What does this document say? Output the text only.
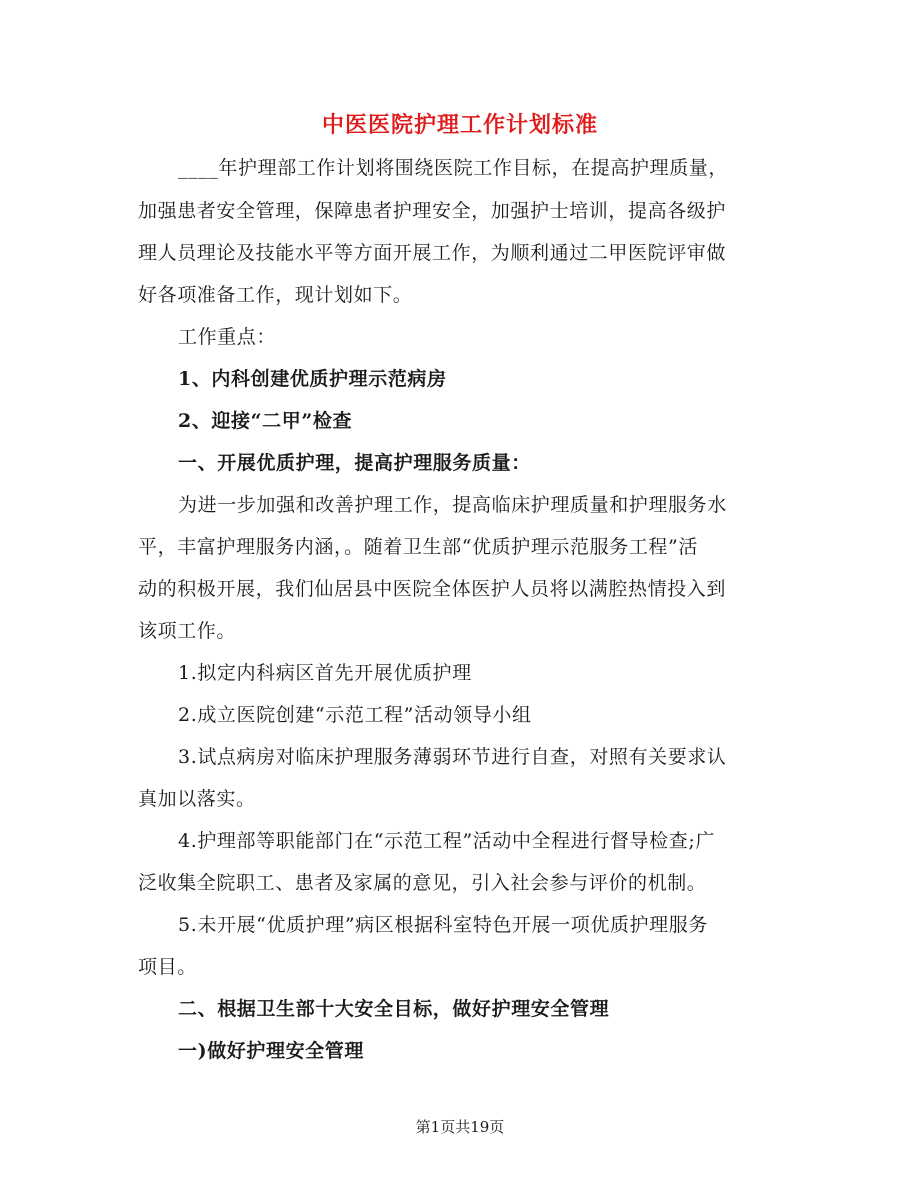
中医医院护理工作计划标准
____年护理部工作计划将围绕医院工作目标，在提高护理质量，
加强患者安全管理，保障患者护理安全，加强护士培训，提高各级护
理人员理论及技能水平等方面开展工作，为顺利通过二甲医院评审做
好各项准备工作，现计划如下。
工作重点：
1、内科创建优质护理示范病房
2、迎接“二甲”检查
一、开展优质护理，提高护理服务质量：
为进一步加强和改善护理工作，提高临床护理质量和护理服务水
平，丰富护理服务内涵，。随着卫生部“优质护理示范服务工程”活
动的积极开展，我们仙居县中医院全体医护人员将以满腔热情投入到
该项工作。
1.拟定内科病区首先开展优质护理
2.成立医院创建“示范工程”活动领导小组
3.试点病房对临床护理服务薄弱环节进行自查，对照有关要求认
真加以落实。
4.护理部等职能部门在“示范工程”活动中全程进行督导检查;广
泛收集全院职工、患者及家属的意见，引入社会参与评价的机制。
5.未开展“优质护理”病区根据科室特色开展一项优质护理服务
项目。
二、根据卫生部十大安全目标，做好护理安全管理
一)做好护理安全管理
第1页共19页
